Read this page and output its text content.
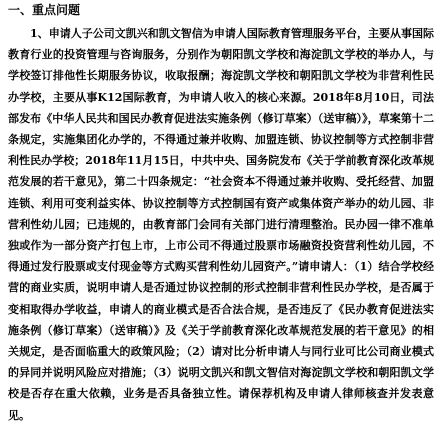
一、重点问题

1、申请人子公司文凯兴和凯文智信为申请人国际教育管理服务平台，主要从事国际教育行业的投资管理与咨询服务，分别作为朝阳凯文学校和海淀凯文学校的举办人，与学校签订排他性长期服务协议，收取报酬；海淀凯文学校和朝阳凯文学校为非营利性民办学校，主要从事K12国际教育，为申请人收入的核心来源。2018年8月10日，司法部发布《中华人民共和国民办教育促进法实施条例（修订草案）（送审稿）》，草案第十二条规定，实施集团化办学的，不得通过兼并收购、加盟连锁、协议控制等方式控制非营利性民办学校；2018年11月15日，中共中央、国务院发布《关于学前教育深化改革规范发展的若干意见》，第二十四条规定：“社会资本不得通过兼并收购、受托经营、加盟连锁、利用可变利益实体、协议控制等方式控制国有资产或集体资产举办的幼儿园、非营利性幼儿园；已违规的，由教育部门会同有关部门进行清理整治。民办园一律不准单独或作为一部分资产打包上市，上市公司不得通过股票市场融资投资营利性幼儿园，不得通过发行股票或支付现金等方式购买营利性幼儿园资产。”请申请人：（1）结合学校经营的商业实质，说明申请人是否通过协议控制的形式控制非营利性民办学校，是否属于变相取得办学收益，申请人的商业模式是否合法合规，是否违反了《民办教育促进法实施条例（修订草案）（送审稿）》及《关于学前教育深化改革规范发展的若干意见》的相关规定，是否面临重大的政策风险；（2）请对比分析申请人与同行业可比公司商业模式的异同并说明风险应对措施；（3）说明文凯兴和凯文智信对海淀凯文学校和朝阳凯文学校是否存在重大依赖，业务是否具备独立性。请保荐机构及申请人律师核查并发表意见。
